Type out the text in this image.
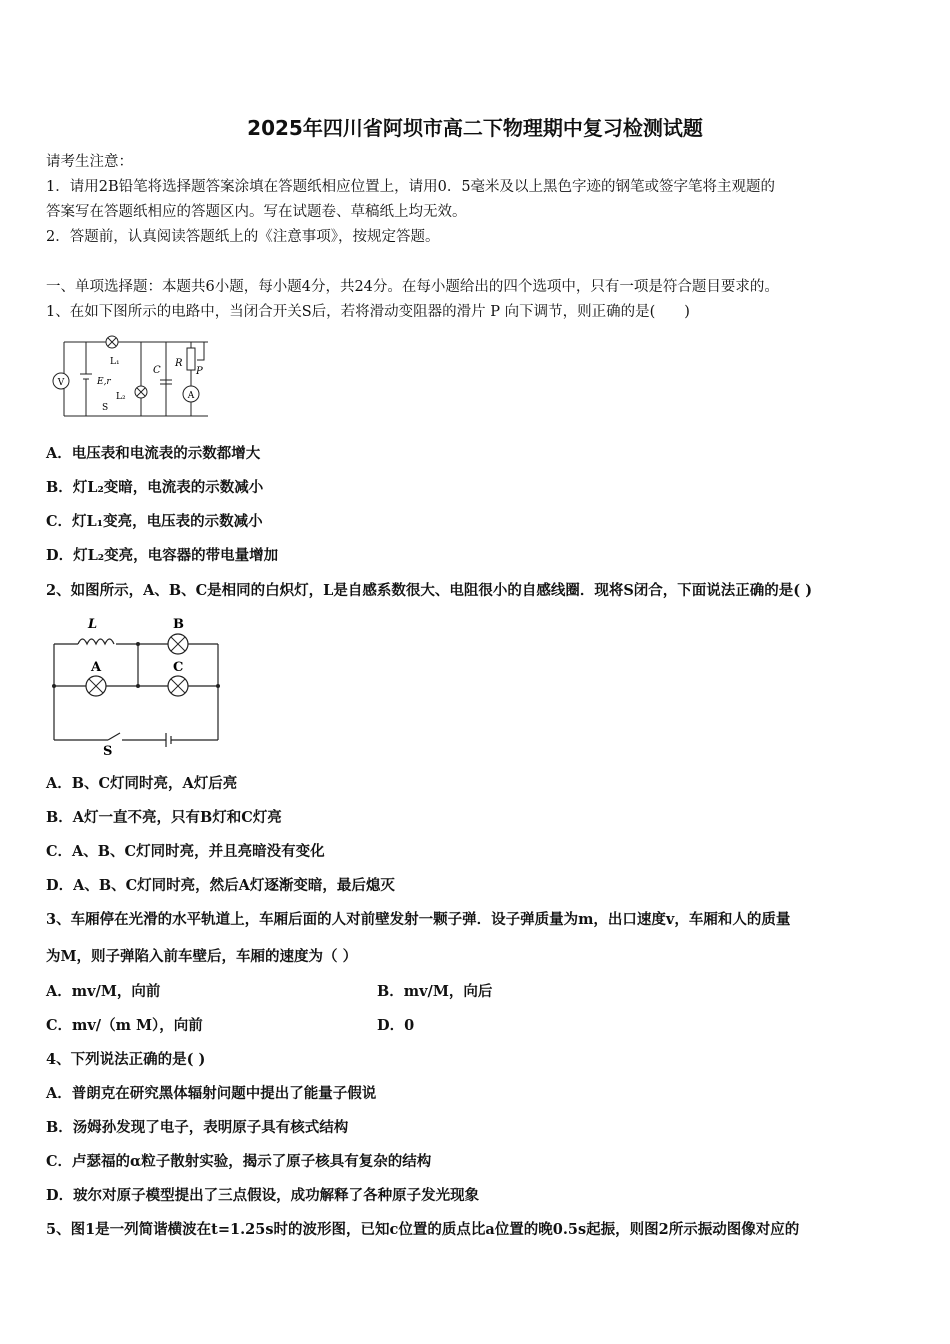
2025年四川省阿坝市高二下物理期中复习检测试题
请考生注意：
1．请用2B铅笔将选择题答案涂填在答题纸相应位置上，请用0．5毫米及以上黑色字迹的钢笔或签字笔将主观题的
答案写在答题纸相应的答题区内。写在试题卷、草稿纸上均无效。
2．答题前，认真阅读答题纸上的《注意事项》，按规定答题。
一、单项选择题：本题共6小题，每小题4分，共24分。在每小题给出的四个选项中，只有一项是符合题目要求的。
1、在如下图所示的电路中，当闭合开关S后，若将滑动变阻器的滑片 P 向下调节，则正确的是(　　)
V
A
L₁
E,r
L₂
S
C
R
P
A．电压表和电流表的示数都增大
B．灯L₂变暗，电流表的示数减小
C．灯L₁变亮，电压表的示数减小
D．灯L₂变亮，电容器的带电量增加
2、如图所示，A、B、C是相同的白炽灯，L是自感系数很大、电阻很小的自感线圈．现将S闭合，下面说法正确的是( )
L	B
A	C
S
A．B、C灯同时亮，A灯后亮
B．A灯一直不亮，只有B灯和C灯亮
C．A、B、C灯同时亮，并且亮暗没有变化
D．A、B、C灯同时亮，然后A灯逐渐变暗，最后熄灭
3、车厢停在光滑的水平轨道上，车厢后面的人对前壁发射一颗子弹．设子弹质量为m，出口速度v，车厢和人的质量
为M，则子弹陷入前车壁后，车厢的速度为（ ）
A．mv/M，向前	B．mv/M，向后
C．mv/（m M），向前	D．0
4、下列说法正确的是( )
A．普朗克在研究黑体辐射问题中提出了能量子假说
B．汤姆孙发现了电子，表明原子具有核式结构
C．卢瑟福的α粒子散射实验，揭示了原子核具有复杂的结构
D．玻尔对原子模型提出了三点假设，成功解释了各种原子发光现象
5、图1是一列简谐横波在t=1.25s时的波形图，已知c位置的质点比a位置的晚0.5s起振，则图2所示振动图像对应的
